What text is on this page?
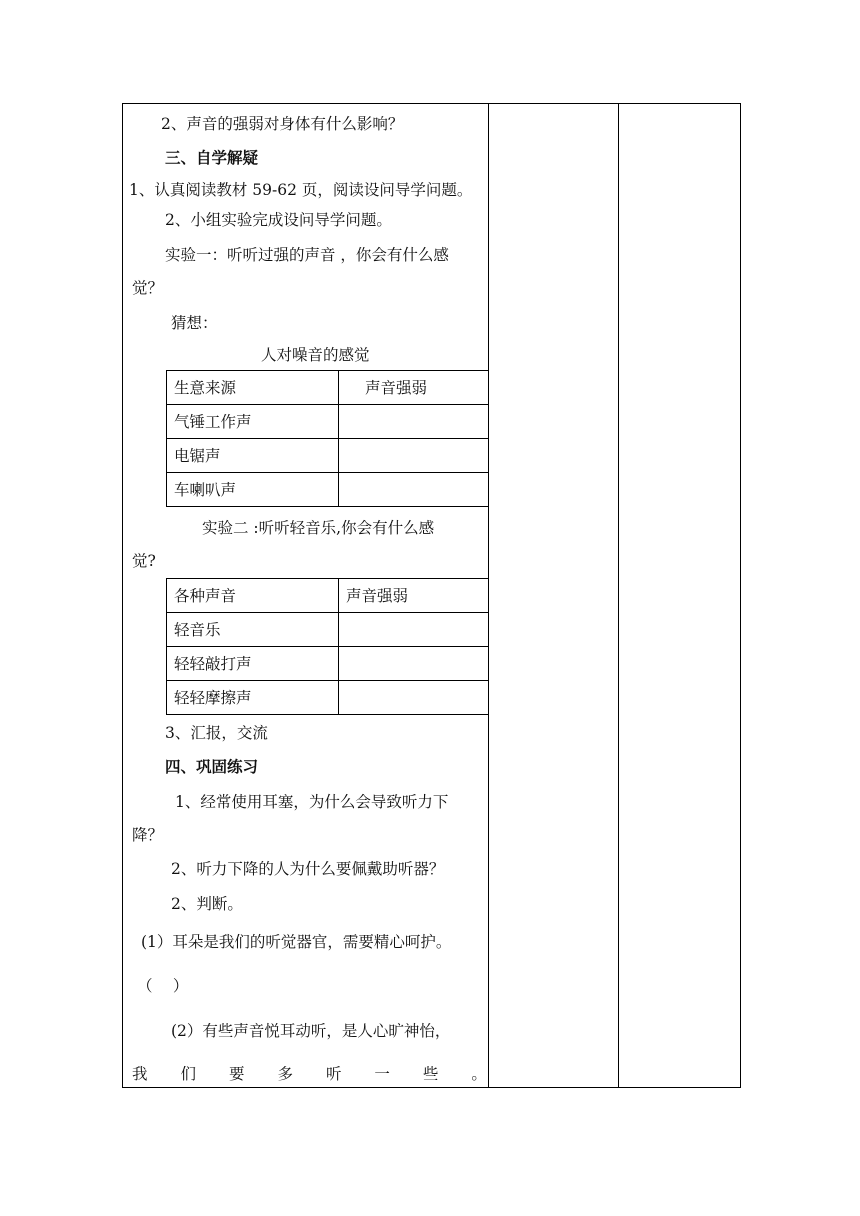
2、声音的强弱对身体有什么影响？
三、自学解疑
1、认真阅读教材 59-62 页，阅读设问导学问题。
2、小组实验完成设问导学问题。
实验一：听听过强的声音 ，你会有什么感
觉？
猜想：
人对噪音的感觉
生意来源	声音强弱
气锤工作声	
电锯声	
车喇叭声	
实验二 :听听轻音乐,你会有什么感
觉?
各种声音	声音强弱
轻音乐	
轻轻敲打声	
轻轻摩擦声	
3、汇报，交流
四、巩固练习
1、经常使用耳塞，为什么会导致听力下
降？
2、听力下降的人为什么要佩戴助听器？
2、判断。
(1）耳朵是我们的听觉器官，需要精心呵护。
（　 ）
(2）有些声音悦耳动听，是人心旷神怡，
我 们 要 多 听 一 些 。
